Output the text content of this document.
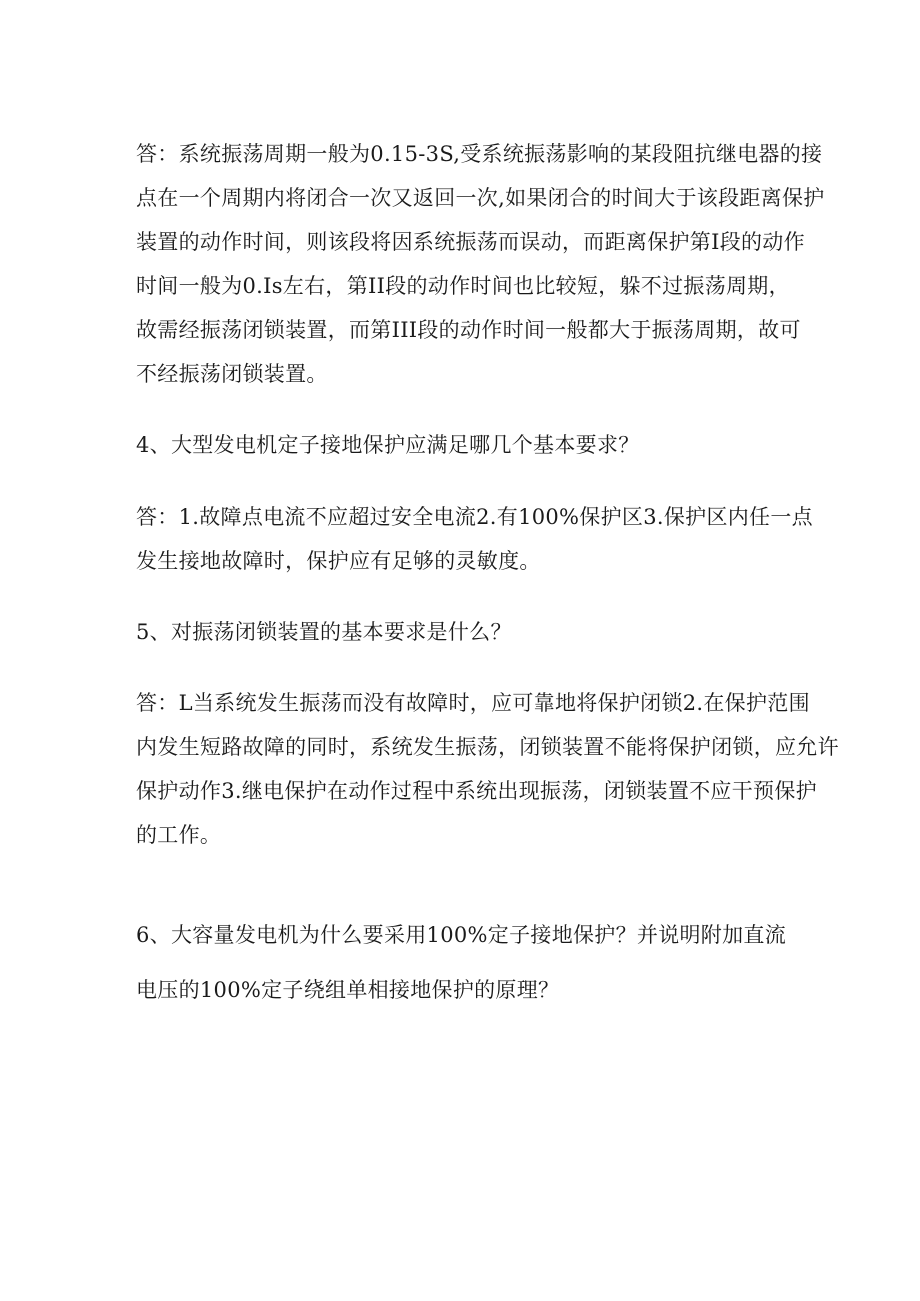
答：系统振荡周期一般为0.15-3S,受系统振荡影响的某段阻抗继电器的接
点在一个周期内将闭合一次又返回一次,如果闭合的时间大于该段距离保护
装置的动作时间，则该段将因系统振荡而误动，而距离保护第I段的动作
时间一般为0.Is左右，第II段的动作时间也比较短，躲不过振荡周期，
故需经振荡闭锁装置，而第III段的动作时间一般都大于振荡周期，故可
不经振荡闭锁装置。
4、大型发电机定子接地保护应满足哪几个基本要求？
答：1.故障点电流不应超过安全电流2.有100%保护区3.保护区内任一点
发生接地故障时，保护应有足够的灵敏度。
5、对振荡闭锁装置的基本要求是什么？
答：L当系统发生振荡而没有故障时，应可靠地将保护闭锁2.在保护范围
内发生短路故障的同时，系统发生振荡，闭锁装置不能将保护闭锁，应允许
保护动作3.继电保护在动作过程中系统出现振荡，闭锁装置不应干预保护
的工作。
6、大容量发电机为什么要采用100%定子接地保护？并说明附加直流
电压的100%定子绕组单相接地保护的原理？
